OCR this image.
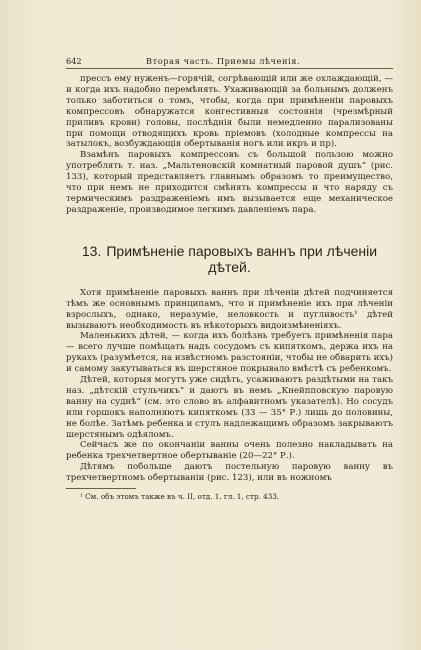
642	Вторая часть. Приемы лѣченія.

прессъ ему нуженъ—горячій, согрѣвающій или же охлаждающій, — и когда ихъ надобно перемѣнять. Ухаживающій за больнымъ долженъ только заботиться о томъ, чтобы, когда при примѣненіи паровыхъ компрессовъ обнаружатся конгестивныя состоянія (чрезмѣрный приливъ крови) головы, послѣднія были немедленно парализованы при помощи отводящихъ кровь пріемовъ (холодные компрессы на затылокъ, возбуждающія обертыванія ногъ или икръ и пр).

Взамѣнъ паровыхъ компрессовъ съ большой пользою можно употреблять т. наз. „Мальтеновскій комнатный паровой душъ“ (рис. 133), который представляетъ главнымъ образомъ то преимущество, что при немъ не приходится смѣнять компрессы и что наряду съ термическимъ раздраженіемъ имъ вызывается еще механическое раздраженіе, производимое легкимъ давленіемъ пара.

13. Примѣненіе паровыхъ ваннъ при лѣченіи дѣтей.

Хотя примѣненіе паровыхъ ваннъ при лѣченіи дѣтей подчиняется тѣмъ же основнымъ принципамъ, что и примѣненіе ихъ при лѣченіи взрослыхъ, однако, неразуміе, неловкость и пугливость¹ дѣтей вызываютъ необходимость въ нѣкоторыхъ видоизмѣненіяхъ.

Маленькихъ дѣтей, — когда ихъ болѣзнь требуетъ примѣненія пара — всего лучше помѣщать надъ сосудомъ съ кипяткомъ, держа ихъ на рукахъ (разумѣется, на извѣстномъ разстояніи, чтобы не обварить ихъ) и самому закутываться въ шерстяное покрывало вмѣстѣ съ ребенкомъ.

Дѣтей, которыя могутъ уже сидѣть, усаживаютъ раздѣтыми на такъ наз. „дѣтскій стульчикъ“ и даютъ въ немъ „Кнейпповскую паровую ванну на суднѣ“ (см. это слово въ алфавитномъ указателѣ). Но сосудъ или горшокъ наполняютъ кипяткомъ (33 — 35° Р.) лишь до половины, не болѣе. Затѣмъ ребенка и стулъ надлежащимъ образомъ закрываютъ шерстянымъ одѣяломъ.

Сейчасъ же по окончаніи ванны очень полезно накладывать на ребенка трехчетвертное обертываніе (20—22° Р.).

Дѣтямъ побольше даютъ постельную паровую ванну въ трехчетвертномъ обертываніи (рис. 123), или въ ножномъ

¹ См. объ этомъ также въ ч. II, отд. 1, гл. 1, стр. 433.
